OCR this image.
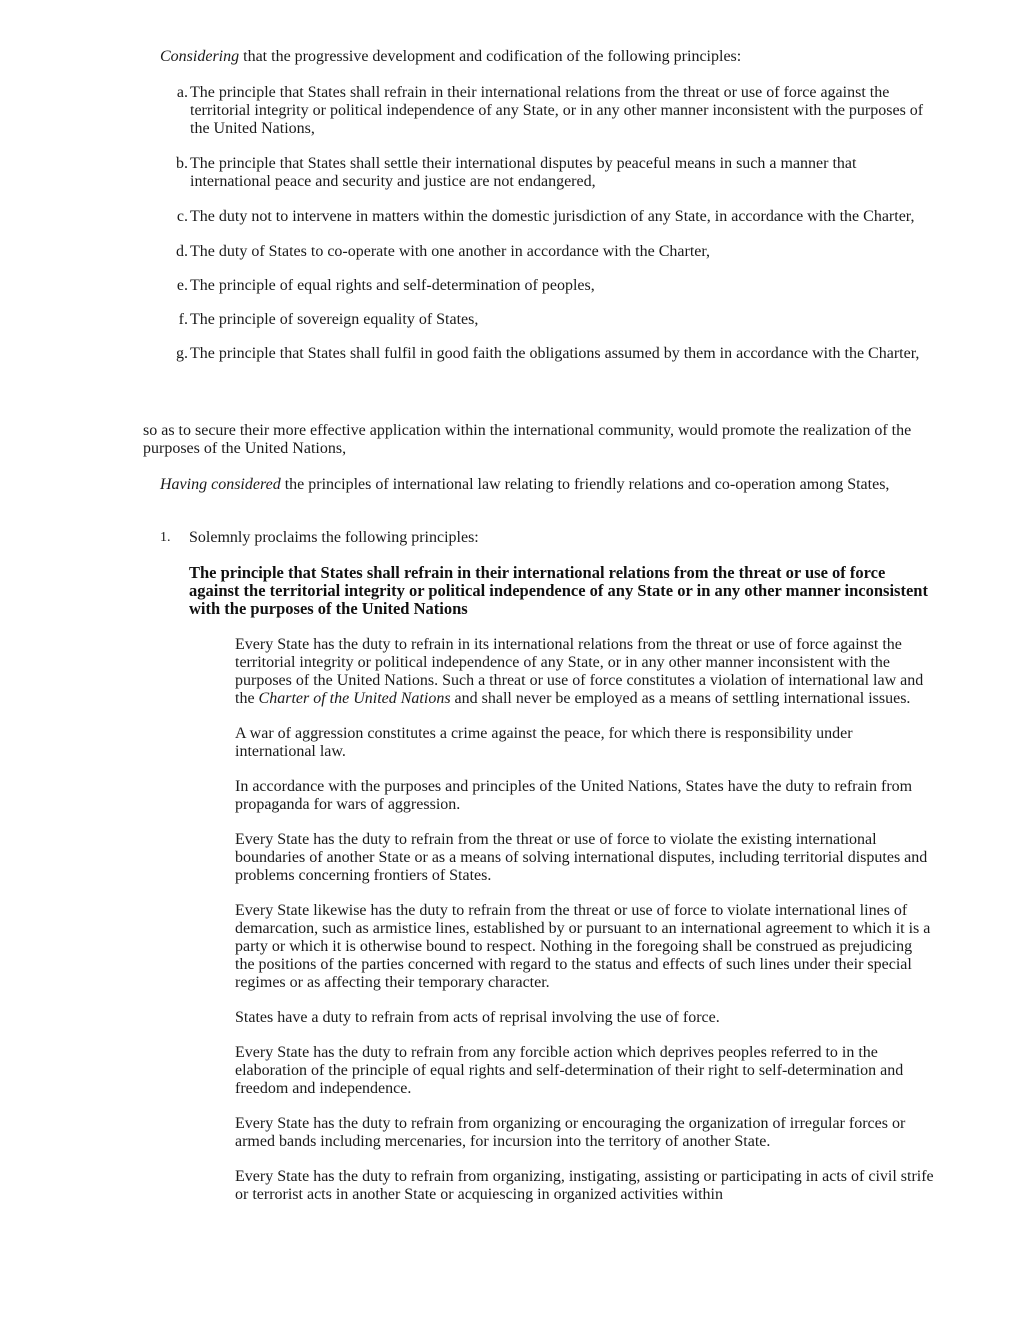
Considering that the progressive development and codification of the following principles:

a. The principle that States shall refrain in their international relations from the threat or use of force against the territorial integrity or political independence of any State, or in any other manner inconsistent with the purposes of the United Nations,
b. The principle that States shall settle their international disputes by peaceful means in such a manner that international peace and security and justice are not endangered,
c. The duty not to intervene in matters within the domestic jurisdiction of any State, in accordance with the Charter,
d. The duty of States to co-operate with one another in accordance with the Charter,
e. The principle of equal rights and self-determination of peoples,
f. The principle of sovereign equality of States,
g. The principle that States shall fulfil in good faith the obligations assumed by them in accordance with the Charter,

so as to secure their more effective application within the international community, would promote the realization of the purposes of the United Nations,

Having considered the principles of international law relating to friendly relations and co-operation among States,

1.	Solemnly proclaims the following principles:

The principle that States shall refrain in their international relations from the threat or use of force against the territorial integrity or political independence of any State or in any other manner inconsistent with the purposes of the United Nations

Every State has the duty to refrain in its international relations from the threat or use of force against the territorial integrity or political independence of any State, or in any other manner inconsistent with the purposes of the United Nations. Such a threat or use of force constitutes a violation of international law and the Charter of the United Nations and shall never be employed as a means of settling international issues.

A war of aggression constitutes a crime against the peace, for which there is responsibility under international law.

In accordance with the purposes and principles of the United Nations, States have the duty to refrain from propaganda for wars of aggression.

Every State has the duty to refrain from the threat or use of force to violate the existing international boundaries of another State or as a means of solving international disputes, including territorial disputes and problems concerning frontiers of States.

Every State likewise has the duty to refrain from the threat or use of force to violate international lines of demarcation, such as armistice lines, established by or pursuant to an international agreement to which it is a party or which it is otherwise bound to respect. Nothing in the foregoing shall be construed as prejudicing the positions of the parties concerned with regard to the status and effects of such lines under their special regimes or as affecting their temporary character.

States have a duty to refrain from acts of reprisal involving the use of force.

Every State has the duty to refrain from any forcible action which deprives peoples referred to in the elaboration of the principle of equal rights and self-determination of their right to self-determination and freedom and independence.

Every State has the duty to refrain from organizing or encouraging the organization of irregular forces or armed bands including mercenaries, for incursion into the territory of another State.

Every State has the duty to refrain from organizing, instigating, assisting or participating in acts of civil strife or terrorist acts in another State or acquiescing in organized activities within
